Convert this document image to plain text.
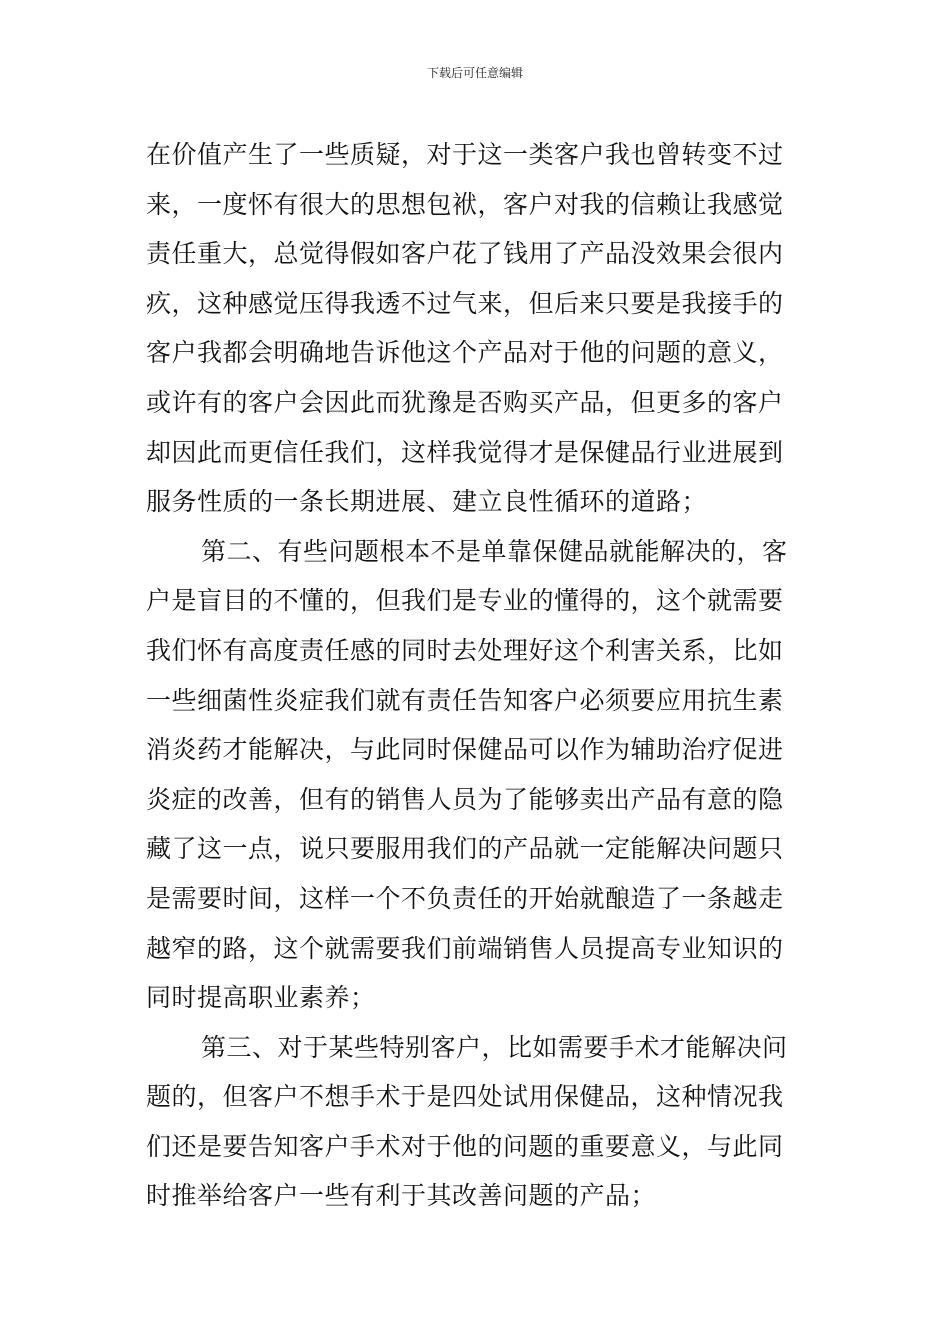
下载后可任意编辑
在价值产生了一些质疑，对于这一类客户我也曾转变不过
来，一度怀有很大的思想包袱，客户对我的信赖让我感觉
责任重大，总觉得假如客户花了钱用了产品没效果会很内
疚，这种感觉压得我透不过气来，但后来只要是我接手的
客户我都会明确地告诉他这个产品对于他的问题的意义，
或许有的客户会因此而犹豫是否购买产品，但更多的客户
却因此而更信任我们，这样我觉得才是保健品行业进展到
服务性质的一条长期进展、建立良性循环的道路；
第二、有些问题根本不是单靠保健品就能解决的，客
户是盲目的不懂的，但我们是专业的懂得的，这个就需要
我们怀有高度责任感的同时去处理好这个利害关系，比如
一些细菌性炎症我们就有责任告知客户必须要应用抗生素
消炎药才能解决，与此同时保健品可以作为辅助治疗促进
炎症的改善，但有的销售人员为了能够卖出产品有意的隐
藏了这一点，说只要服用我们的产品就一定能解决问题只
是需要时间，这样一个不负责任的开始就酿造了一条越走
越窄的路，这个就需要我们前端销售人员提高专业知识的
同时提高职业素养；
第三、对于某些特别客户，比如需要手术才能解决问
题的，但客户不想手术于是四处试用保健品，这种情况我
们还是要告知客户手术对于他的问题的重要意义，与此同
时推举给客户一些有利于其改善问题的产品；
